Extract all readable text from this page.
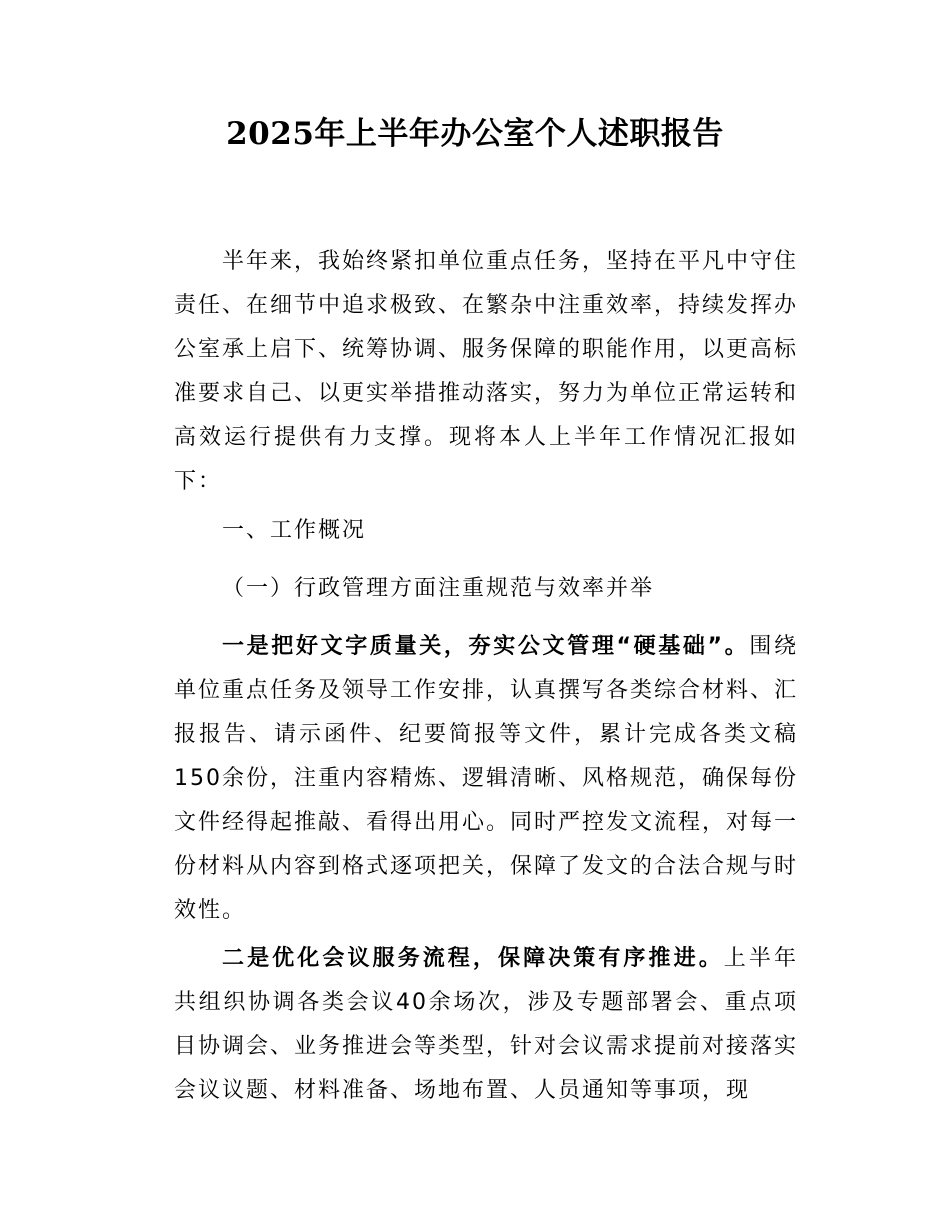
2025年上半年办公室个人述职报告

半年来，我始终紧扣单位重点任务，坚持在平凡中守住责任、在细节中追求极致、在繁杂中注重效率，持续发挥办公室承上启下、统筹协调、服务保障的职能作用，以更高标准要求自己、以更实举措推动落实，努力为单位正常运转和高效运行提供有力支撑。现将本人上半年工作情况汇报如下：

一、工作概况
（一）行政管理方面注重规范与效率并举

一是把好文字质量关，夯实公文管理“硬基础”。围绕单位重点任务及领导工作安排，认真撰写各类综合材料、汇报报告、请示函件、纪要简报等文件，累计完成各类文稿150余份，注重内容精炼、逻辑清晰、风格规范，确保每份文件经得起推敲、看得出用心。同时严控发文流程，对每一份材料从内容到格式逐项把关，保障了发文的合法合规与时效性。

二是优化会议服务流程，保障决策有序推进。上半年共组织协调各类会议40余场次，涉及专题部署会、重点项目协调会、业务推进会等类型，针对会议需求提前对接落实会议议题、材料准备、场地布置、人员通知等事项，现
